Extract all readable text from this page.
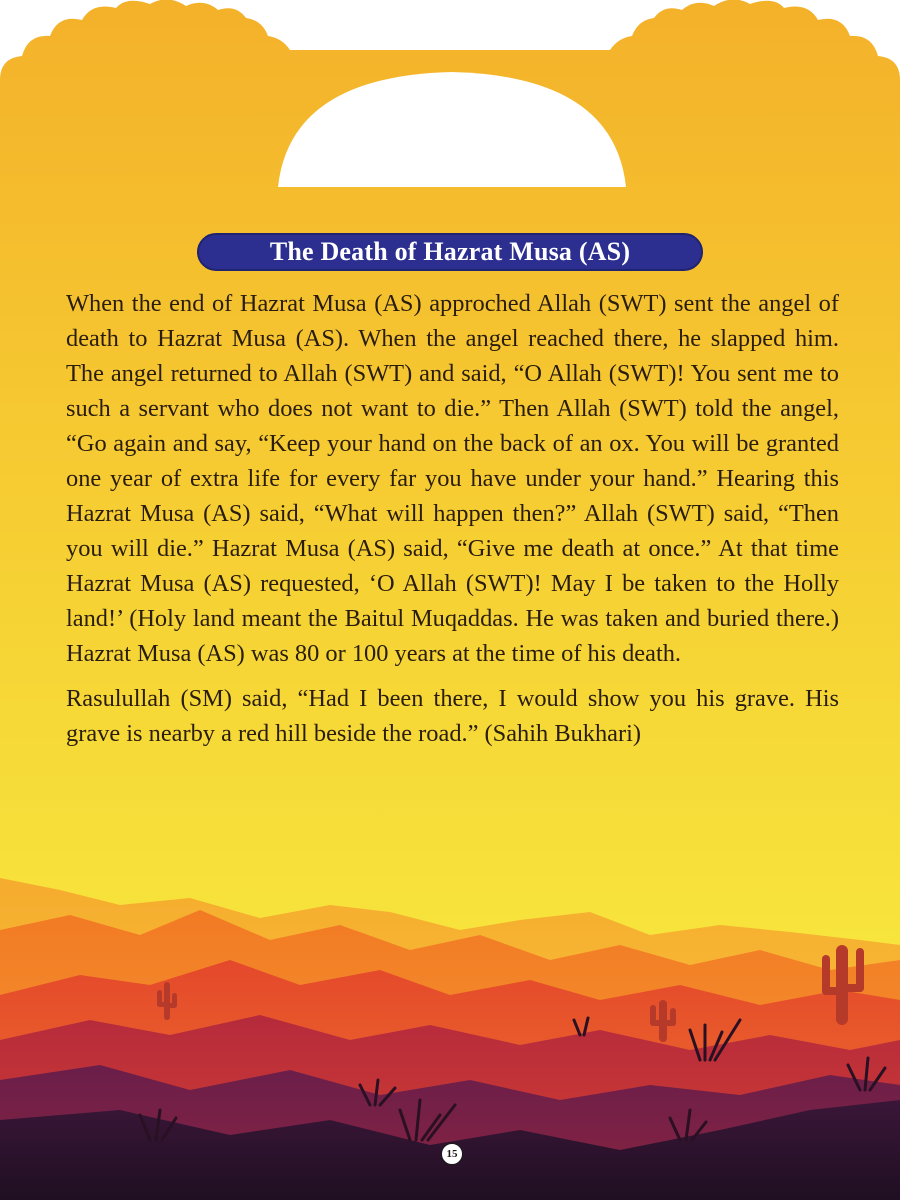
The Death of Hazrat Musa (AS)

When the end of Hazrat Musa (AS) approched Allah (SWT) sent the angel of death to Hazrat Musa (AS). When the angel reached there, he slapped him. The angel returned to Allah (SWT) and said, “O Allah (SWT)! You sent me to such a servant who does not want to die.” Then Allah (SWT) told the angel, “Go again and say, “Keep your hand on the back of an ox. You will be granted one year of extra life for every far you have under your hand.” Hearing this Hazrat Musa (AS) said, “What will happen then?” Allah (SWT) said, “Then you will die.” Hazrat Musa (AS) said, “Give me death at once.” At that time Hazrat Musa (AS) requested, ‘O Allah (SWT)! May I be taken to the Holly land!’ (Holy land meant the Baitul Muqaddas. He was taken and buried there.) Hazrat Musa (AS) was 80 or 100 years at the time of his death.

Rasulullah (SM) said, “Had I been there, I would show you his grave. His grave is nearby a red hill beside the road.” (Sahih Bukhari)

15
